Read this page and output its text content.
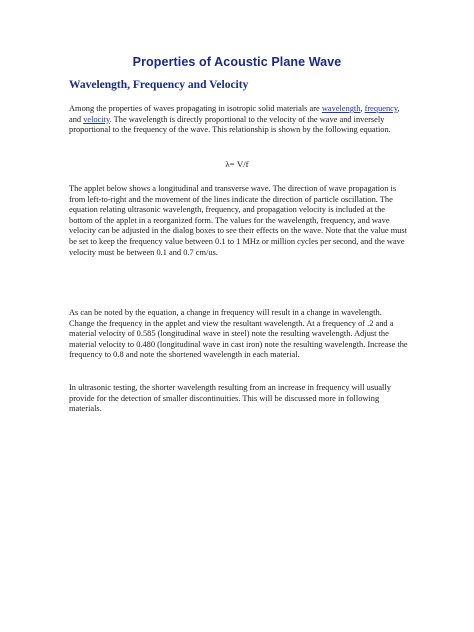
Properties of Acoustic Plane Wave
Wavelength, Frequency and Velocity

Among the properties of waves propagating in isotropic solid materials are wavelength, frequency, and velocity. The wavelength is directly proportional to the velocity of the wave and inversely proportional to the frequency of the wave. This relationship is shown by the following equation.

λ= V/f

The applet below shows a longitudinal and transverse wave. The direction of wave propagation is from left-to-right and the movement of the lines indicate the direction of particle oscillation. The equation relating ultrasonic wavelength, frequency, and propagation velocity is included at the bottom of the applet in a reorganized form. The values for the wavelength, frequency, and wave velocity can be adjusted in the dialog boxes to see their effects on the wave. Note that the value must be set to keep the frequency value between 0.1 to 1 MHz or million cycles per second, and the wave velocity must be between 0.1 and 0.7 cm/us.

As can be noted by the equation, a change in frequency will result in a change in wavelength. Change the frequency in the applet and view the resultant wavelength. At a frequency of .2 and a material velocity of 0.585 (longitudinal wave in steel) note the resulting wavelength. Adjust the material velocity to 0.480 (longitudinal wave in cast iron) note the resulting wavelength. Increase the frequency to 0.8 and note the shortened wavelength in each material.

In ultrasonic testing, the shorter wavelength resulting from an increase in frequency will usually provide for the detection of smaller discontinuities. This will be discussed more in following materials.
